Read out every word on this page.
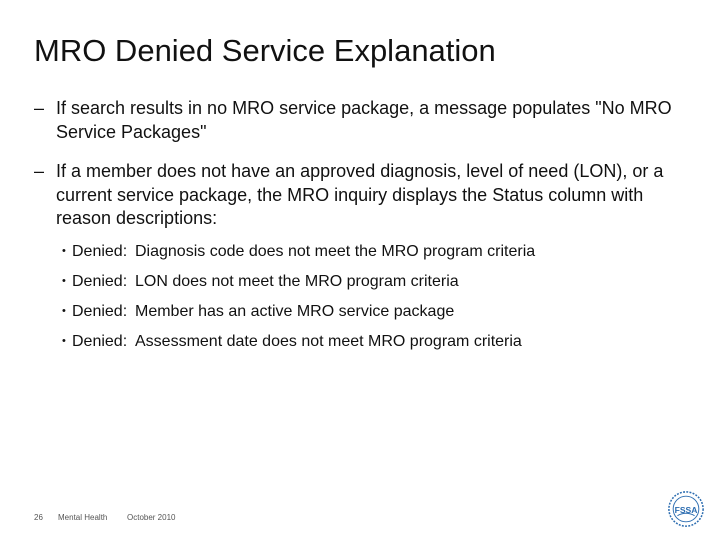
MRO Denied Service Explanation
– If search results in no MRO service package, a message populates "No MRO Service Packages"
– If a member does not have an approved diagnosis, level of need (LON), or a current service package, the MRO inquiry displays the Status column with reason descriptions:
• Denied: Diagnosis code does not meet the MRO program criteria
• Denied: LON does not meet the MRO program criteria
• Denied: Member has an active MRO service package
• Denied: Assessment date does not meet MRO program criteria
26 Mental Health October 2010
FSSA
